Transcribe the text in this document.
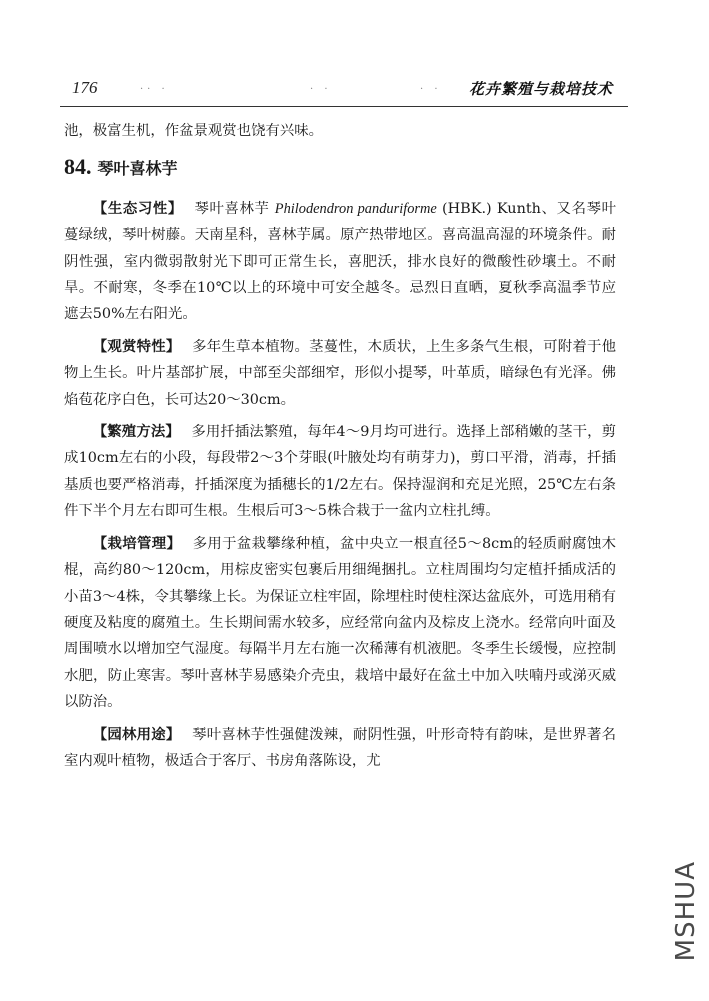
176	·· ·	· ·	· · 花卉繁殖与栽培技术

池，极富生机，作盆景观赏也饶有兴味。

84. 琴叶喜林芋

【生态习性】 琴叶喜林芋 Philodendron panduriforme (HBK.) Kunth、又名琴叶蔓绿绒，琴叶树藤。天南星科，喜林芋属。原产热带地区。喜高温高湿的环境条件。耐阴性强，室内微弱散射光下即可正常生长，喜肥沃，排水良好的微酸性砂壤土。不耐旱。不耐寒，冬季在10℃以上的环境中可安全越冬。忌烈日直晒，夏秋季高温季节应遮去50%左右阳光。

【观赏特性】 多年生草本植物。茎蔓性，木质状，上生多条气生根，可附着于他物上生长。叶片基部扩展，中部至尖部细窄，形似小提琴，叶革质，暗绿色有光泽。佛焰苞花序白色，长可达20～30cm。

【繁殖方法】 多用扦插法繁殖，每年4～9月均可进行。选择上部稍嫩的茎干，剪成10cm左右的小段，每段带2～3个芽眼(叶腋处均有萌芽力)，剪口平滑，消毒，扦插基质也要严格消毒，扦插深度为插穗长的1/2左右。保持湿润和充足光照，25℃左右条件下半个月左右即可生根。生根后可3～5株合栽于一盆内立柱扎缚。

【栽培管理】 多用于盆栽攀缘种植，盆中央立一根直径5～8cm的轻质耐腐蚀木棍，高约80～120cm，用棕皮密实包裹后用细绳捆扎。立柱周围均匀定植扦插成活的小苗3～4株，令其攀缘上长。为保证立柱牢固，除埋柱时使柱深达盆底外，可选用稍有硬度及粘度的腐殖土。生长期间需水较多，应经常向盆内及棕皮上浇水。经常向叶面及周围喷水以增加空气湿度。每隔半月左右施一次稀薄有机液肥。冬季生长缓慢，应控制水肥，防止寒害。琴叶喜林芋易感染介壳虫，栽培中最好在盆土中加入呋喃丹或涕灭威以防治。

【园林用途】 琴叶喜林芋性强健泼辣，耐阴性强，叶形奇特有韵味，是世界著名室内观叶植物，极适合于客厅、书房角落陈设，尤

MSHUA
